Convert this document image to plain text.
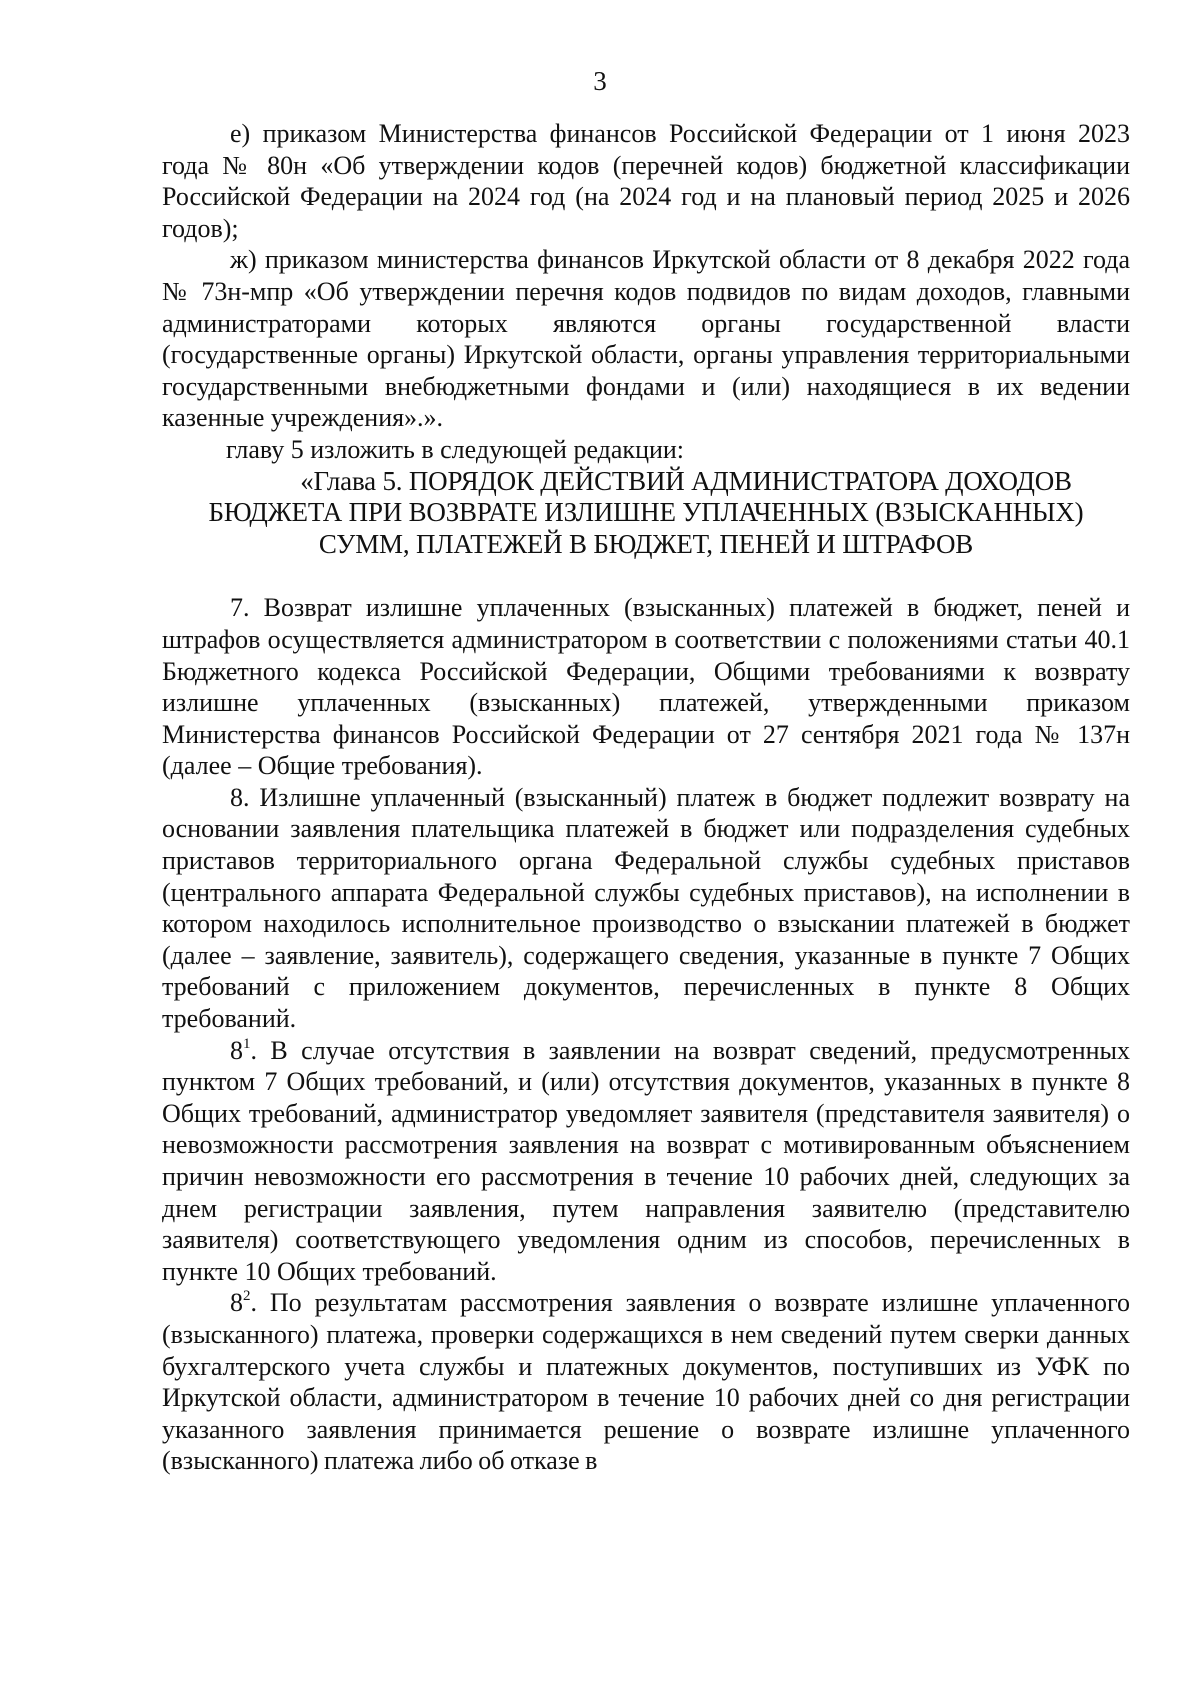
3

е) приказом Министерства финансов Российской Федерации от 1 июня 2023 года № 80н «Об утверждении кодов (перечней кодов) бюджетной классификации Российской Федерации на 2024 год (на 2024 год и на плановый период 2025 и 2026 годов);

ж) приказом министерства финансов Иркутской области от 8 декабря 2022 года № 73н-мпр «Об утверждении перечня кодов подвидов по видам доходов, главными администраторами которых являются органы государственной власти (государственные органы) Иркутской области, органы управления территориальными государственными внебюджетными фондами и (или) находящиеся в их ведении казенные учреждения».».

главу 5 изложить в следующей редакции:

«Глава 5. ПОРЯДОК ДЕЙСТВИЙ АДМИНИСТРАТОРА ДОХОДОВ

БЮДЖЕТА ПРИ ВОЗВРАТЕ ИЗЛИШНЕ УПЛАЧЕННЫХ (ВЗЫСКАННЫХ)

СУММ, ПЛАТЕЖЕЙ В БЮДЖЕТ, ПЕНЕЙ И ШТРАФОВ

7. Возврат излишне уплаченных (взысканных) платежей в бюджет, пеней и штрафов осуществляется администратором в соответствии с положениями статьи 40.1 Бюджетного кодекса Российской Федерации, Общими требованиями к возврату излишне уплаченных (взысканных) платежей, утвержденными приказом Министерства финансов Российской Федерации от 27 сентября 2021 года № 137н (далее – Общие требования).

8. Излишне уплаченный (взысканный) платеж в бюджет подлежит возврату на основании заявления плательщика платежей в бюджет или подразделения судебных приставов территориального органа Федеральной службы судебных приставов (центрального аппарата Федеральной службы судебных приставов), на исполнении в котором находилось исполнительное производство о взыскании платежей в бюджет (далее – заявление, заявитель), содержащего сведения, указанные в пункте 7 Общих требований с приложением документов, перечисленных в пункте 8 Общих требований.

$8^1$. В случае отсутствия в заявлении на возврат сведений, предусмотренных пунктом 7 Общих требований, и (или) отсутствия документов, указанных в пункте 8 Общих требований, администратор уведомляет заявителя (представителя заявителя) о невозможности рассмотрения заявления на возврат с мотивированным объяснением причин невозможности его рассмотрения в течение 10 рабочих дней, следующих за днем регистрации заявления, путем направления заявителю (представителю заявителя) соответствующего уведомления одним из способов, перечисленных в пункте 10 Общих требований.

$8^2$. По результатам рассмотрения заявления о возврате излишне уплаченного (взысканного) платежа, проверки содержащихся в нем сведений путем сверки данных бухгалтерского учета службы и платежных документов, поступивших из УФК по Иркутской области, администратором в течение 10 рабочих дней со дня регистрации указанного заявления принимается решение о возврате излишне уплаченного (взысканного) платежа либо об отказе в
